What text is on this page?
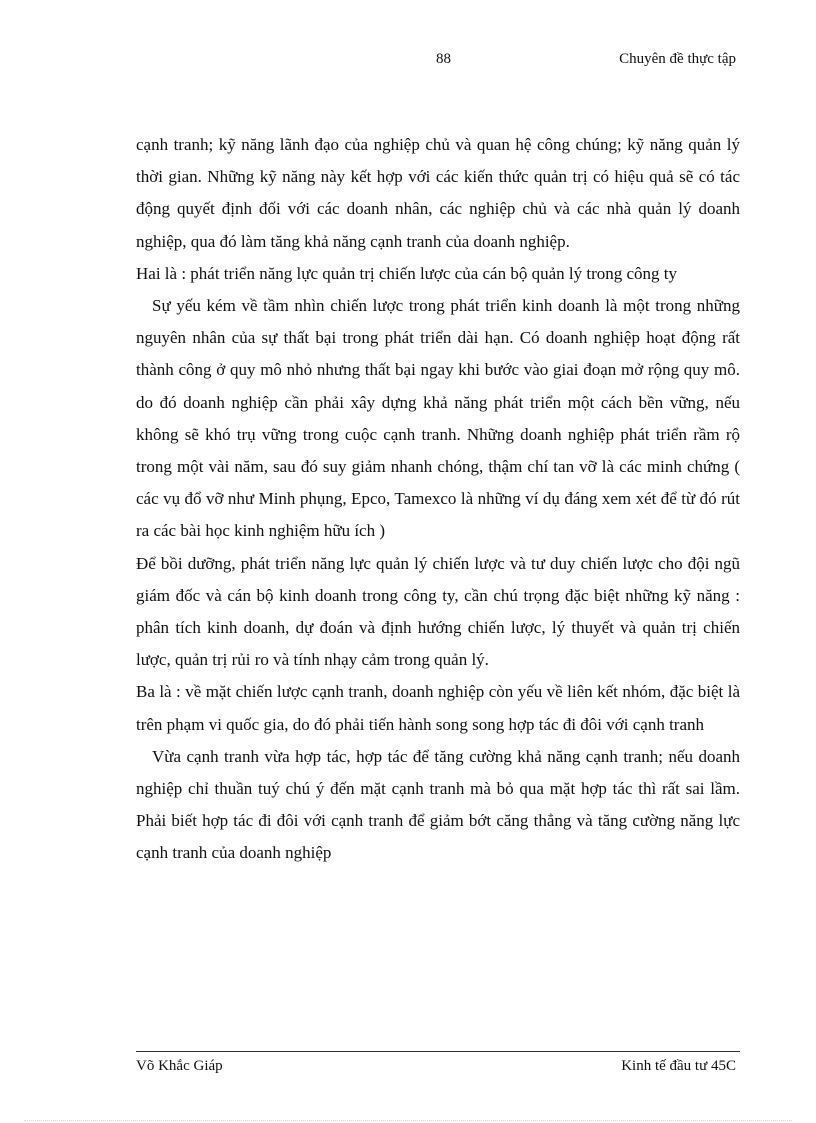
88	Chuyên đề thực tập

cạnh tranh; kỹ năng lãnh đạo của nghiệp chủ và quan hệ công chúng; kỹ năng quản lý thời gian. Những kỹ năng này kết hợp với các kiến thức quản trị có hiệu quả sẽ có tác động quyết định đối với các doanh nhân, các nghiệp chủ và các nhà quản lý doanh nghiệp, qua đó làm tăng khả năng cạnh tranh của doanh nghiệp.

Hai là : phát triển năng lực quản trị chiến lược của cán bộ quản lý trong công ty

Sự yếu kém về tầm nhìn chiến lược trong phát triển kinh doanh là một trong những nguyên nhân của sự thất bại trong phát triển dài hạn. Có doanh nghiệp hoạt động rất thành công ở quy mô nhỏ nhưng thất bại ngay khi bước vào giai đoạn mở rộng quy mô. do đó doanh nghiệp cần phải xây dựng khả năng phát triển một cách bền vững, nếu không sẽ khó trụ vững trong cuộc cạnh tranh. Những doanh nghiệp phát triển rầm rộ trong một vài năm, sau đó suy giảm nhanh chóng, thậm chí tan vỡ là các minh chứng ( các vụ đổ vỡ như Minh phụng, Epco, Tamexco là những ví dụ đáng xem xét để từ đó rút ra các bài học kinh nghiệm hữu ích )

Để bồi dưỡng, phát triển năng lực quản lý chiến lược và tư duy chiến lược cho đội ngũ giám đốc và cán bộ kinh doanh trong công ty, cần chú trọng đặc biệt những kỹ năng : phân tích kinh doanh, dự đoán và định hướng chiến lược, lý thuyết và quản trị chiến lược, quản trị rủi ro và tính nhạy cảm trong quản lý.

Ba là : về mặt chiến lược cạnh tranh, doanh nghiệp còn yếu về liên kết nhóm, đặc biệt là trên phạm vi quốc gia, do đó phải tiến hành song song hợp tác đi đôi với cạnh tranh

Vừa cạnh tranh vừa hợp tác, hợp tác để tăng cường khả năng cạnh tranh; nếu doanh nghiệp chỉ thuần tuý chú ý đến mặt cạnh tranh mà bỏ qua mặt hợp tác thì rất sai lầm. Phải biết hợp tác đi đôi với cạnh tranh để giảm bớt căng thẳng và tăng cường năng lực cạnh tranh của doanh nghiệp

Võ Khắc Giáp	Kinh tế đầu tư 45C
